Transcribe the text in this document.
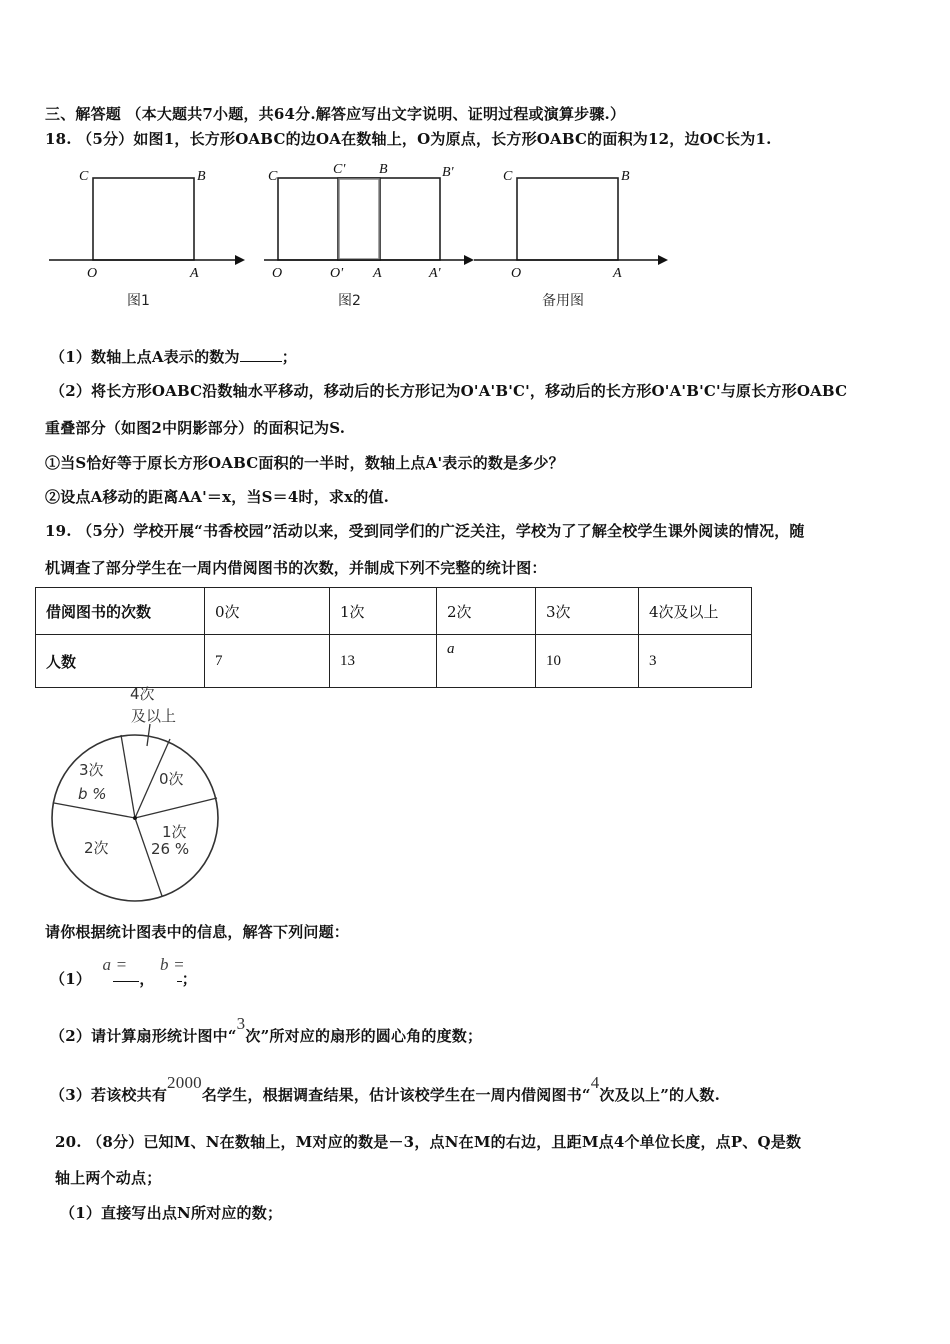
三、解答题 （本大题共7小题，共64分.解答应写出文字说明、证明过程或演算步骤.）
18. （5分）如图1，长方形OABC的边OA在数轴上，O为原点，长方形OABC的面积为12，边OC长为1.
C	B
O	A
图1
C	C' B	B'
O	O' A	A'
图2
C	B
O	A
备用图
（1）数轴上点A表示的数为	；
（2）将长方形OABC沿数轴水平移动，移动后的长方形记为O'A'B'C'，移动后的长方形O'A'B'C'与原长方形OABC
重叠部分（如图2中阴影部分）的面积记为S.
①当S恰好等于原长方形OABC面积的一半时，数轴上点A'表示的数是多少？
②设点A移动的距离AA'＝x，当S＝4时，求x的值.
19. （5分）学校开展“书香校园”活动以来，受到同学们的广泛关注，学校为了了解全校学生课外阅读的情况，随
机调查了部分学生在一周内借阅图书的次数，并制成下列不完整的统计图：
借阅图书的次数	0次	1次	2次	3次	4次及以上
人数	7	13	a	10	3
4次
及以上
0次
1次
26 %
2次
3次
b %
请你根据统计图表中的信息，解答下列问题：
（1） a =， b =；
（2）请计算扇形统计图中“3次”所对应的扇形的圆心角的度数；
（3）若该校共有2000名学生，根据调查结果，估计该校学生在一周内借阅图书“4次及以上”的人数.
20. （8分）已知M、N在数轴上，M对应的数是－3，点N在M的右边，且距M点4个单位长度，点P、Q是数
轴上两个动点；
（1）直接写出点N所对应的数；
